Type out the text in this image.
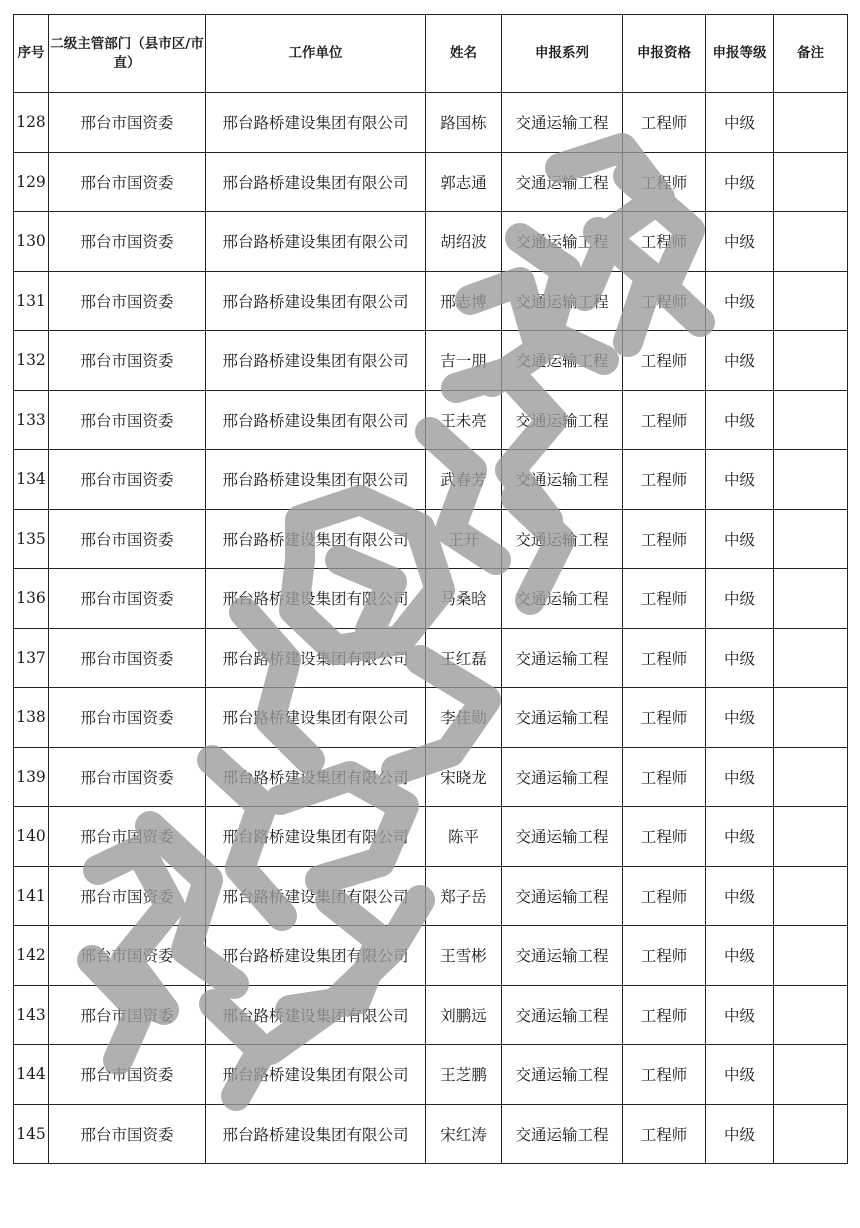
序号	二级主管部门（县市区/市直）	工作单位	姓名	申报系列	申报资格	申报等级	备注
128	邢台市国资委	邢台路桥建设集团有限公司	路国栋	交通运输工程	工程师	中级	
129	邢台市国资委	邢台路桥建设集团有限公司	郭志通	交通运输工程	工程师	中级	
130	邢台市国资委	邢台路桥建设集团有限公司	胡绍波	交通运输工程	工程师	中级	
131	邢台市国资委	邢台路桥建设集团有限公司	邢志博	交通运输工程	工程师	中级	
132	邢台市国资委	邢台路桥建设集团有限公司	吉一朋	交通运输工程	工程师	中级	
133	邢台市国资委	邢台路桥建设集团有限公司	王未亮	交通运输工程	工程师	中级	
134	邢台市国资委	邢台路桥建设集团有限公司	武春芳	交通运输工程	工程师	中级	
135	邢台市国资委	邢台路桥建设集团有限公司	王开	交通运输工程	工程师	中级	
136	邢台市国资委	邢台路桥建设集团有限公司	马桑晗	交通运输工程	工程师	中级	
137	邢台市国资委	邢台路桥建设集团有限公司	王红磊	交通运输工程	工程师	中级	
138	邢台市国资委	邢台路桥建设集团有限公司	李佳勋	交通运输工程	工程师	中级	
139	邢台市国资委	邢台路桥建设集团有限公司	宋晓龙	交通运输工程	工程师	中级	
140	邢台市国资委	邢台路桥建设集团有限公司	陈平	交通运输工程	工程师	中级	
141	邢台市国资委	邢台路桥建设集团有限公司	郑子岳	交通运输工程	工程师	中级	
142	邢台市国资委	邢台路桥建设集团有限公司	王雪彬	交通运输工程	工程师	中级	
143	邢台市国资委	邢台路桥建设集团有限公司	刘鹏远	交通运输工程	工程师	中级	
144	邢台市国资委	邢台路桥建设集团有限公司	王芝鹏	交通运输工程	工程师	中级	
145	邢台市国资委	邢台路桥建设集团有限公司	宋红涛	交通运输工程	工程师	中级	
